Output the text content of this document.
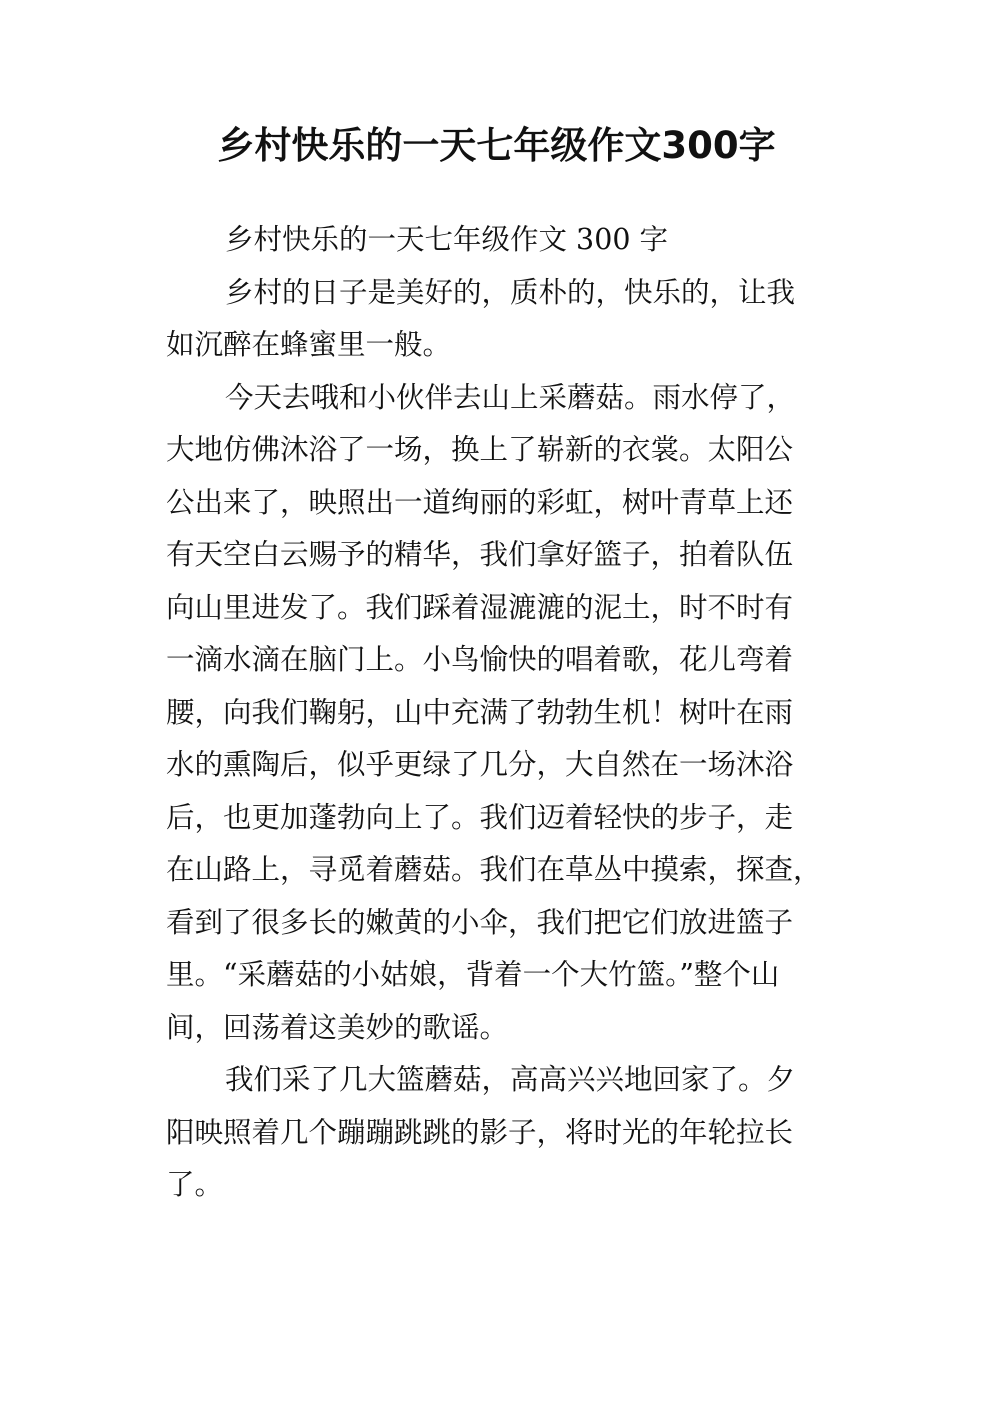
乡村快乐的一天七年级作文300字
乡村快乐的一天七年级作文 300 字
乡村的日子是美好的，质朴的，快乐的，让我
如沉醉在蜂蜜里一般。
今天去哦和小伙伴去山上采蘑菇。雨水停了，
大地仿佛沐浴了一场，换上了崭新的衣裳。太阳公
公出来了，映照出一道绚丽的彩虹，树叶青草上还
有天空白云赐予的精华，我们拿好篮子，拍着队伍
向山里进发了。我们踩着湿漉漉的泥土，时不时有
一滴水滴在脑门上。小鸟愉快的唱着歌，花儿弯着
腰，向我们鞠躬，山中充满了勃勃生机！树叶在雨
水的熏陶后，似乎更绿了几分，大自然在一场沐浴
后，也更加蓬勃向上了。我们迈着轻快的步子，走
在山路上，寻觅着蘑菇。我们在草丛中摸索，探查，
看到了很多长的嫩黄的小伞，我们把它们放进篮子
里。“采蘑菇的小姑娘，背着一个大竹篮。”整个山
间，回荡着这美妙的歌谣。
我们采了几大篮蘑菇，高高兴兴地回家了。夕
阳映照着几个蹦蹦跳跳的影子，将时光的年轮拉长
了。
